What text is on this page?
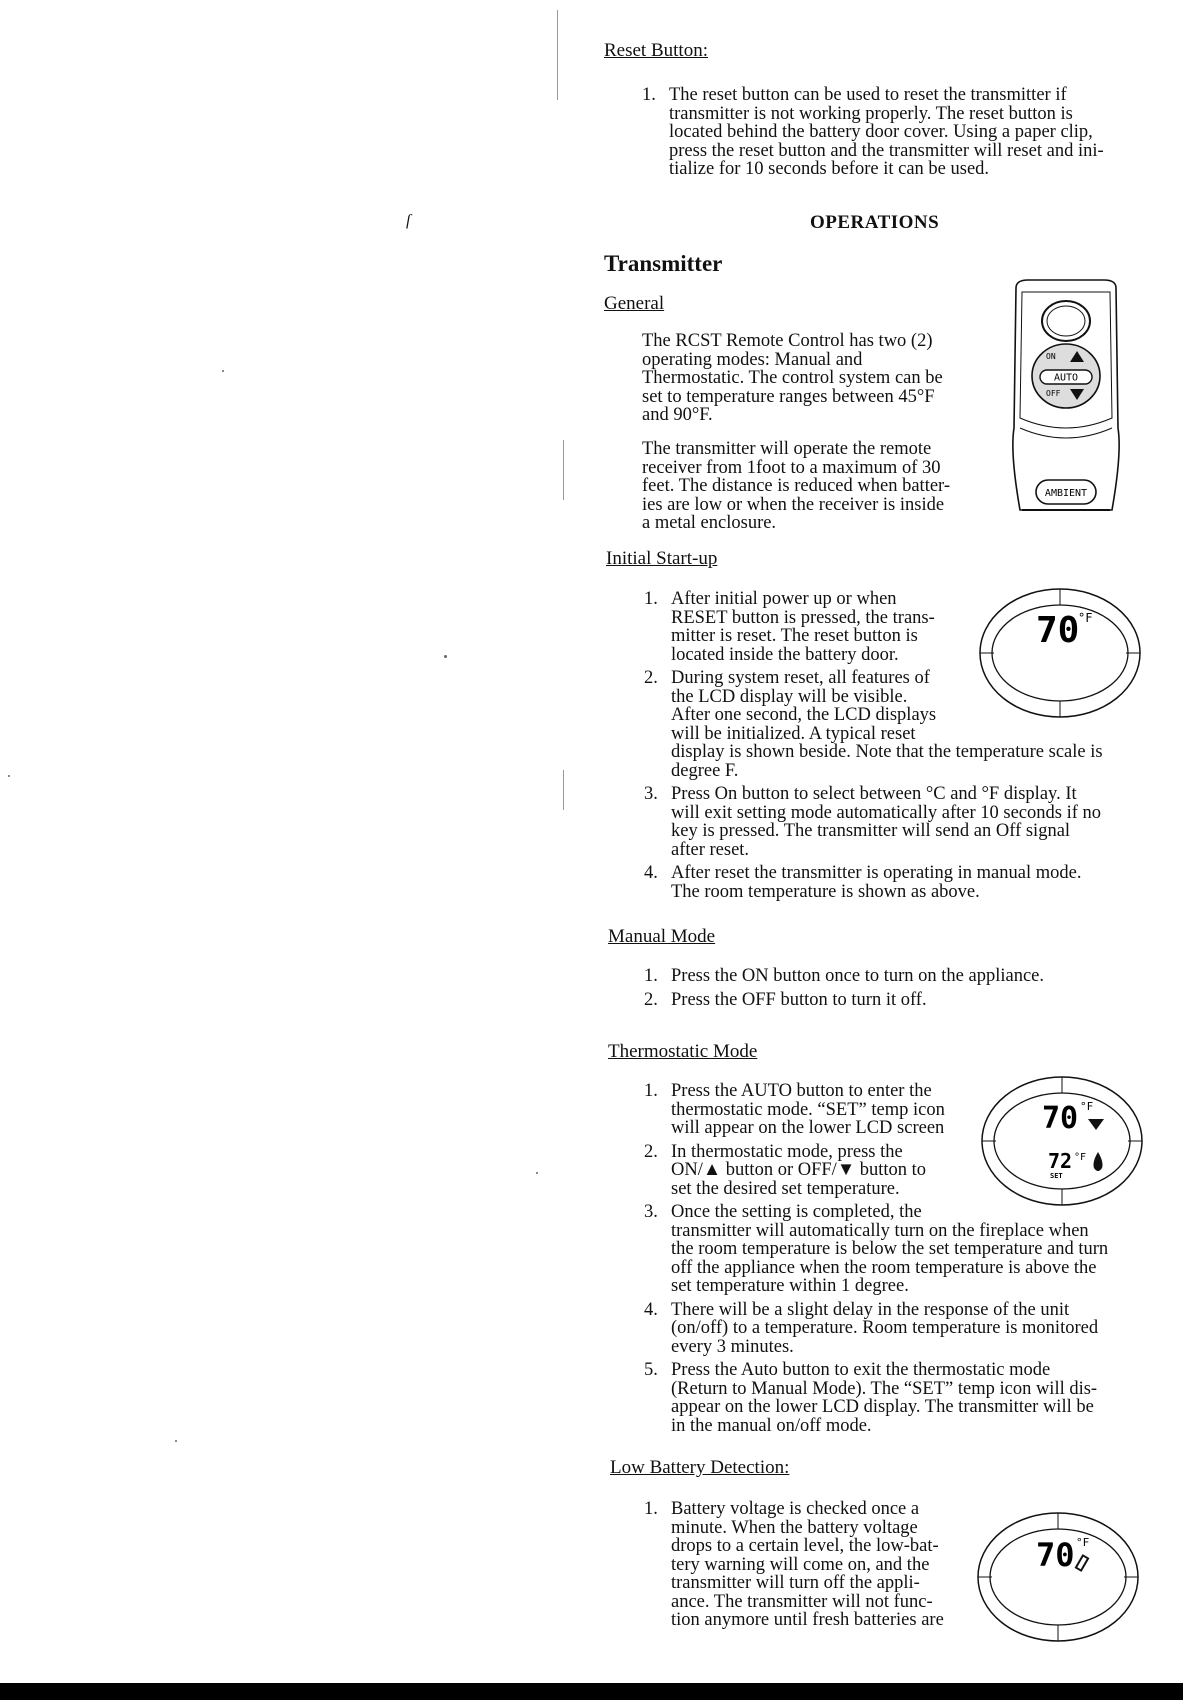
ſ
Reset Button:
1. The reset button can be used to reset the transmitter if
transmitter is not working properly. The reset button is
located behind the battery door cover. Using a paper clip,
press the reset button and the transmitter will reset and ini-
tialize for 10 seconds before it can be used.
OPERATIONS
Transmitter
General
The RCST Remote Control has two (2)
operating modes: Manual and
Thermostatic. The control system can be
set to temperature ranges between 45°F
and 90°F.
The transmitter will operate the remote
receiver from 1foot to a maximum of 30
feet. The distance is reduced when batter-
ies are low or when the receiver is inside
a metal enclosure.
AUTO
ON
OFF
AMBIENT
Initial Start-up
1. After initial power up or when
RESET button is pressed, the trans-
mitter is reset. The reset button is
located inside the battery door.
2. During system reset, all features of
the LCD display will be visible.
After one second, the LCD displays
will be initialized. A typical reset
display is shown beside. Note that the temperature scale is
degree F.
3. Press On button to select between °C and °F display. It
will exit setting mode automatically after 10 seconds if no
key is pressed. The transmitter will send an Off signal
after reset.
4. After reset the transmitter is operating in manual mode.
The room temperature is shown as above.
70
°F
Manual Mode
1. Press the ON button once to turn on the appliance.
2. Press the OFF button to turn it off.
Thermostatic Mode
1. Press the AUTO button to enter the
thermostatic mode. “SET” temp icon
will appear on the lower LCD screen
2. In thermostatic mode, press the
ON/▲ button or OFF/▼ button to
set the desired set temperature.
3. Once the setting is completed, the
transmitter will automatically turn on the fireplace when
the room temperature is below the set temperature and turn
off the appliance when the room temperature is above the
set temperature within 1 degree.
4. There will be a slight delay in the response of the unit
(on/off) to a temperature. Room temperature is monitored
every 3 minutes.
5. Press the Auto button to exit the thermostatic mode
(Return to Manual Mode). The “SET” temp icon will dis-
appear on the lower LCD display. The transmitter will be
in the manual on/off mode.
70 °F
72 °F
SET
Low Battery Detection:
1. Battery voltage is checked once a
minute. When the battery voltage
drops to a certain level, the low-bat-
tery warning will come on, and the
transmitter will turn off the appli-
ance. The transmitter will not func-
tion anymore until fresh batteries are
70 °F
